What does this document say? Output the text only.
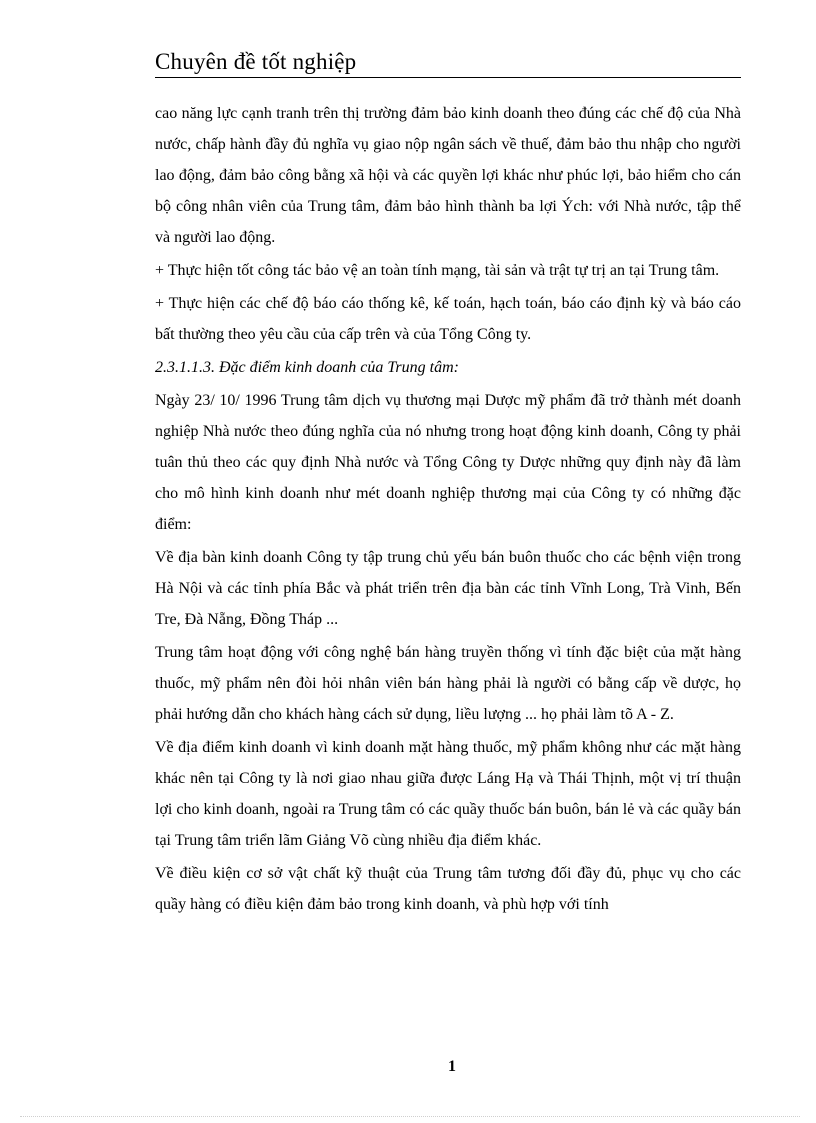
Chuyên đề tốt nghiệp

cao năng lực cạnh tranh trên thị trường đảm bảo kinh doanh theo đúng các chế độ của Nhà nước, chấp hành đầy đủ nghĩa vụ giao nộp ngân sách về thuế, đảm bảo thu nhập cho người lao động, đảm bảo công bằng xã hội và các quyền lợi khác như phúc lợi, bảo hiểm cho cán bộ công nhân viên của Trung tâm, đảm bảo hình thành ba lợi Ých: với Nhà nước, tập thể và người lao động.

+ Thực hiện tốt công tác bảo vệ an toàn tính mạng, tài sản và trật tự trị an tại Trung tâm.

+ Thực hiện các chế độ báo cáo thống kê, kế toán, hạch toán, báo cáo định kỳ và báo cáo bất thường theo yêu cầu của cấp trên và của Tổng Công ty.

2.3.1.1.3. Đặc điểm kinh doanh của Trung tâm:

Ngày 23/ 10/ 1996 Trung tâm dịch vụ thương mại Dược mỹ phẩm đã trở thành mét doanh nghiệp Nhà nước theo đúng nghĩa của nó nhưng trong hoạt động kinh doanh, Công ty phải tuân thủ theo các quy định Nhà nước và Tổng Công ty Dược những quy định này đã làm cho mô hình kinh doanh như mét doanh nghiệp thương mại của Công ty có những đặc điểm:

Về địa bàn kinh doanh Công ty tập trung chủ yếu bán buôn thuốc cho các bệnh viện trong Hà Nội và các tỉnh phía Bắc và phát triển trên địa bàn các tỉnh Vĩnh Long, Trà Vinh, Bến Tre, Đà Nẵng, Đồng Tháp ...

Trung tâm hoạt động với công nghệ bán hàng truyền thống vì tính đặc biệt của mặt hàng thuốc, mỹ phẩm nên đòi hỏi nhân viên bán hàng phải là người có bằng cấp về dược, họ phải hướng dẫn cho khách hàng cách sử dụng, liều lượng ... họ phải làm tõ A - Z.

Về địa điểm kinh doanh vì kinh doanh mặt hàng thuốc, mỹ phẩm không như các mặt hàng khác nên tại Công ty là nơi giao nhau giữa được Láng Hạ và Thái Thịnh, một vị trí thuận lợi cho kinh doanh, ngoài ra Trung tâm có các quầy thuốc bán buôn, bán lẻ và các quầy bán tại Trung tâm triển lãm Giảng Võ cùng nhiều địa điểm khác.

Về điều kiện cơ sở vật chất kỹ thuật của Trung tâm tương đối đầy đủ, phục vụ cho các quầy hàng có điều kiện đảm bảo trong kinh doanh, và phù hợp với tính

1
